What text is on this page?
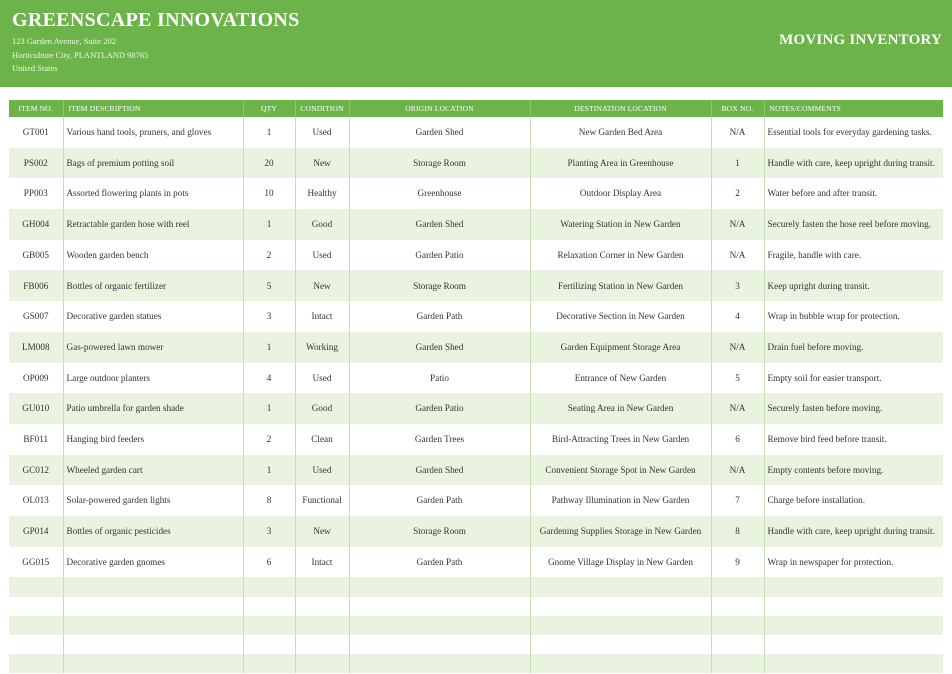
GREENSCAPE INNOVATIONS
123 Garden Avenue, Suite 202
Horticulture City, PLANTLAND 98765
United States
MOVING INVENTORY
ITEM NO.	ITEM DESCRIPTION	QTY	CONDITION	ORIGIN LOCATION	DESTINATION LOCATION	BOX NO.	NOTES/COMMENTS
GT001	Various hand tools, pruners, and gloves	1	Used	Garden Shed	New Garden Bed Area	N/A	Essential tools for everyday gardening tasks.
PS002	Bags of premium potting soil	20	New	Storage Room	Planting Area in Greenhouse	1	Handle with care, keep upright during transit.
PP003	Assorted flowering plants in pots	10	Healthy	Greenhouse	Outdoor Display Area	2	Water before and after transit.
GH004	Retractable garden hose with reel	1	Good	Garden Shed	Watering Station in New Garden	N/A	Securely fasten the hose reel before moving.
GB005	Wooden garden bench	2	Used	Garden Patio	Relaxation Corner in New Garden	N/A	Fragile, handle with care.
FB006	Bottles of organic fertilizer	5	New	Storage Room	Fertilizing Station in New Garden	3	Keep upright during transit.
GS007	Decorative garden statues	3	Intact	Garden Path	Decorative Section in New Garden	4	Wrap in bubble wrap for protection.
LM008	Gas-powered lawn mower	1	Working	Garden Shed	Garden Equipment Storage Area	N/A	Drain fuel before moving.
OP009	Large outdoor planters	4	Used	Patio	Entrance of New Garden	5	Empty soil for easier transport.
GU010	Patio umbrella for garden shade	1	Good	Garden Patio	Seating Area in New Garden	N/A	Securely fasten before moving.
BF011	Hanging bird feeders	2	Clean	Garden Trees	Bird-Attracting Trees in New Garden	6	Remove bird feed before transit.
GC012	Wheeled garden cart	1	Used	Garden Shed	Convenient Storage Spot in New Garden	N/A	Empty contents before moving.
OL013	Solar-powered garden lights	8	Functional	Garden Path	Pathway Illumination in New Garden	7	Charge before installation.
GP014	Bottles of organic pesticides	3	New	Storage Room	Gardening Supplies Storage in New Garden	8	Handle with care, keep upright during transit.
GG015	Decorative garden gnomes	6	Intact	Garden Path	Gnome Village Display in New Garden	9	Wrap in newspaper for protection.
